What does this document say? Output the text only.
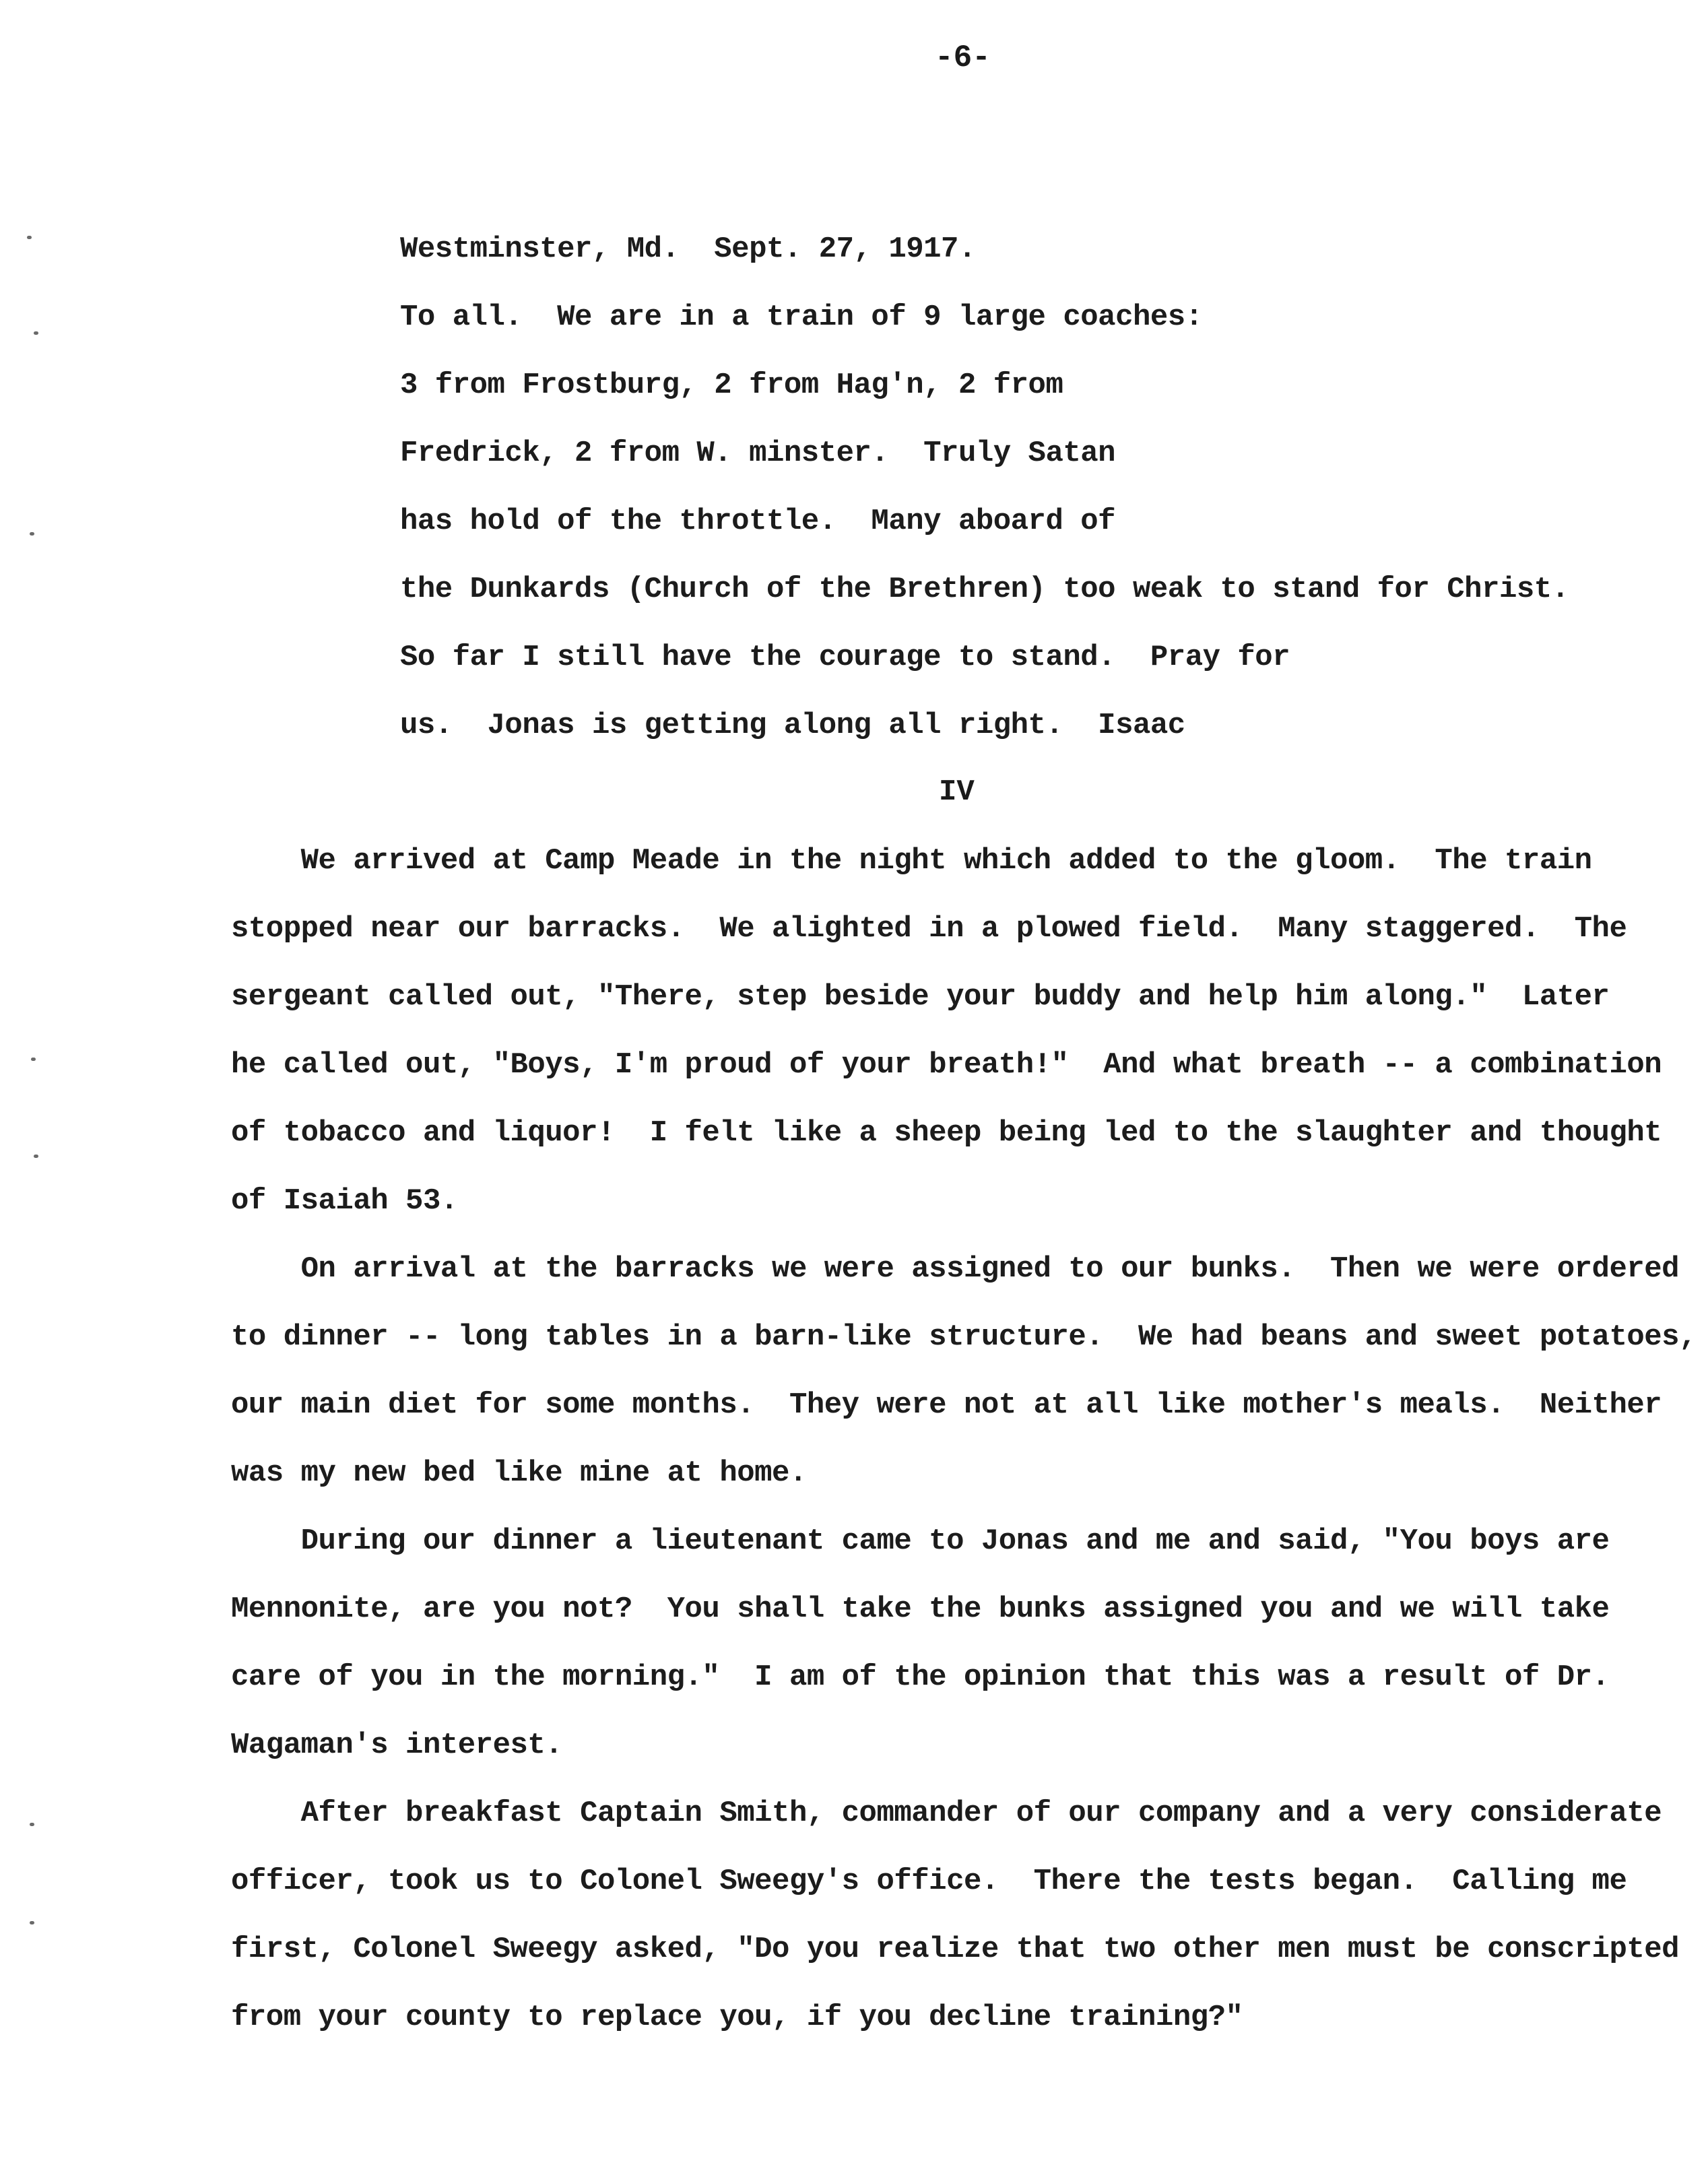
-6-
Westminster, Md.  Sept. 27, 1917.
To all.  We are in a train of 9 large coaches:
3 from Frostburg, 2 from Hag'n, 2 from
Fredrick, 2 from W. minster.  Truly Satan
has hold of the throttle.  Many aboard of
the Dunkards (Church of the Brethren) too weak to stand for Christ.
So far I still have the courage to stand.  Pray for
us.  Jonas is getting along all right.  Isaac
IV
We arrived at Camp Meade in the night which added to the gloom.  The train
stopped near our barracks.  We alighted in a plowed field.  Many staggered.  The
sergeant called out, "There, step beside your buddy and help him along."  Later
he called out, "Boys, I'm proud of your breath!"  And what breath -- a combination
of tobacco and liquor!  I felt like a sheep being led to the slaughter and thought
of Isaiah 53.
On arrival at the barracks we were assigned to our bunks.  Then we were ordered
to dinner -- long tables in a barn-like structure.  We had beans and sweet potatoes,
our main diet for some months.  They were not at all like mother's meals.  Neither
was my new bed like mine at home.
During our dinner a lieutenant came to Jonas and me and said, "You boys are
Mennonite, are you not?  You shall take the bunks assigned you and we will take
care of you in the morning."  I am of the opinion that this was a result of Dr.
Wagaman's interest.
After breakfast Captain Smith, commander of our company and a very considerate
officer, took us to Colonel Sweegy's office.  There the tests began.  Calling me
first, Colonel Sweegy asked, "Do you realize that two other men must be conscripted
from your county to replace you, if you decline training?"
